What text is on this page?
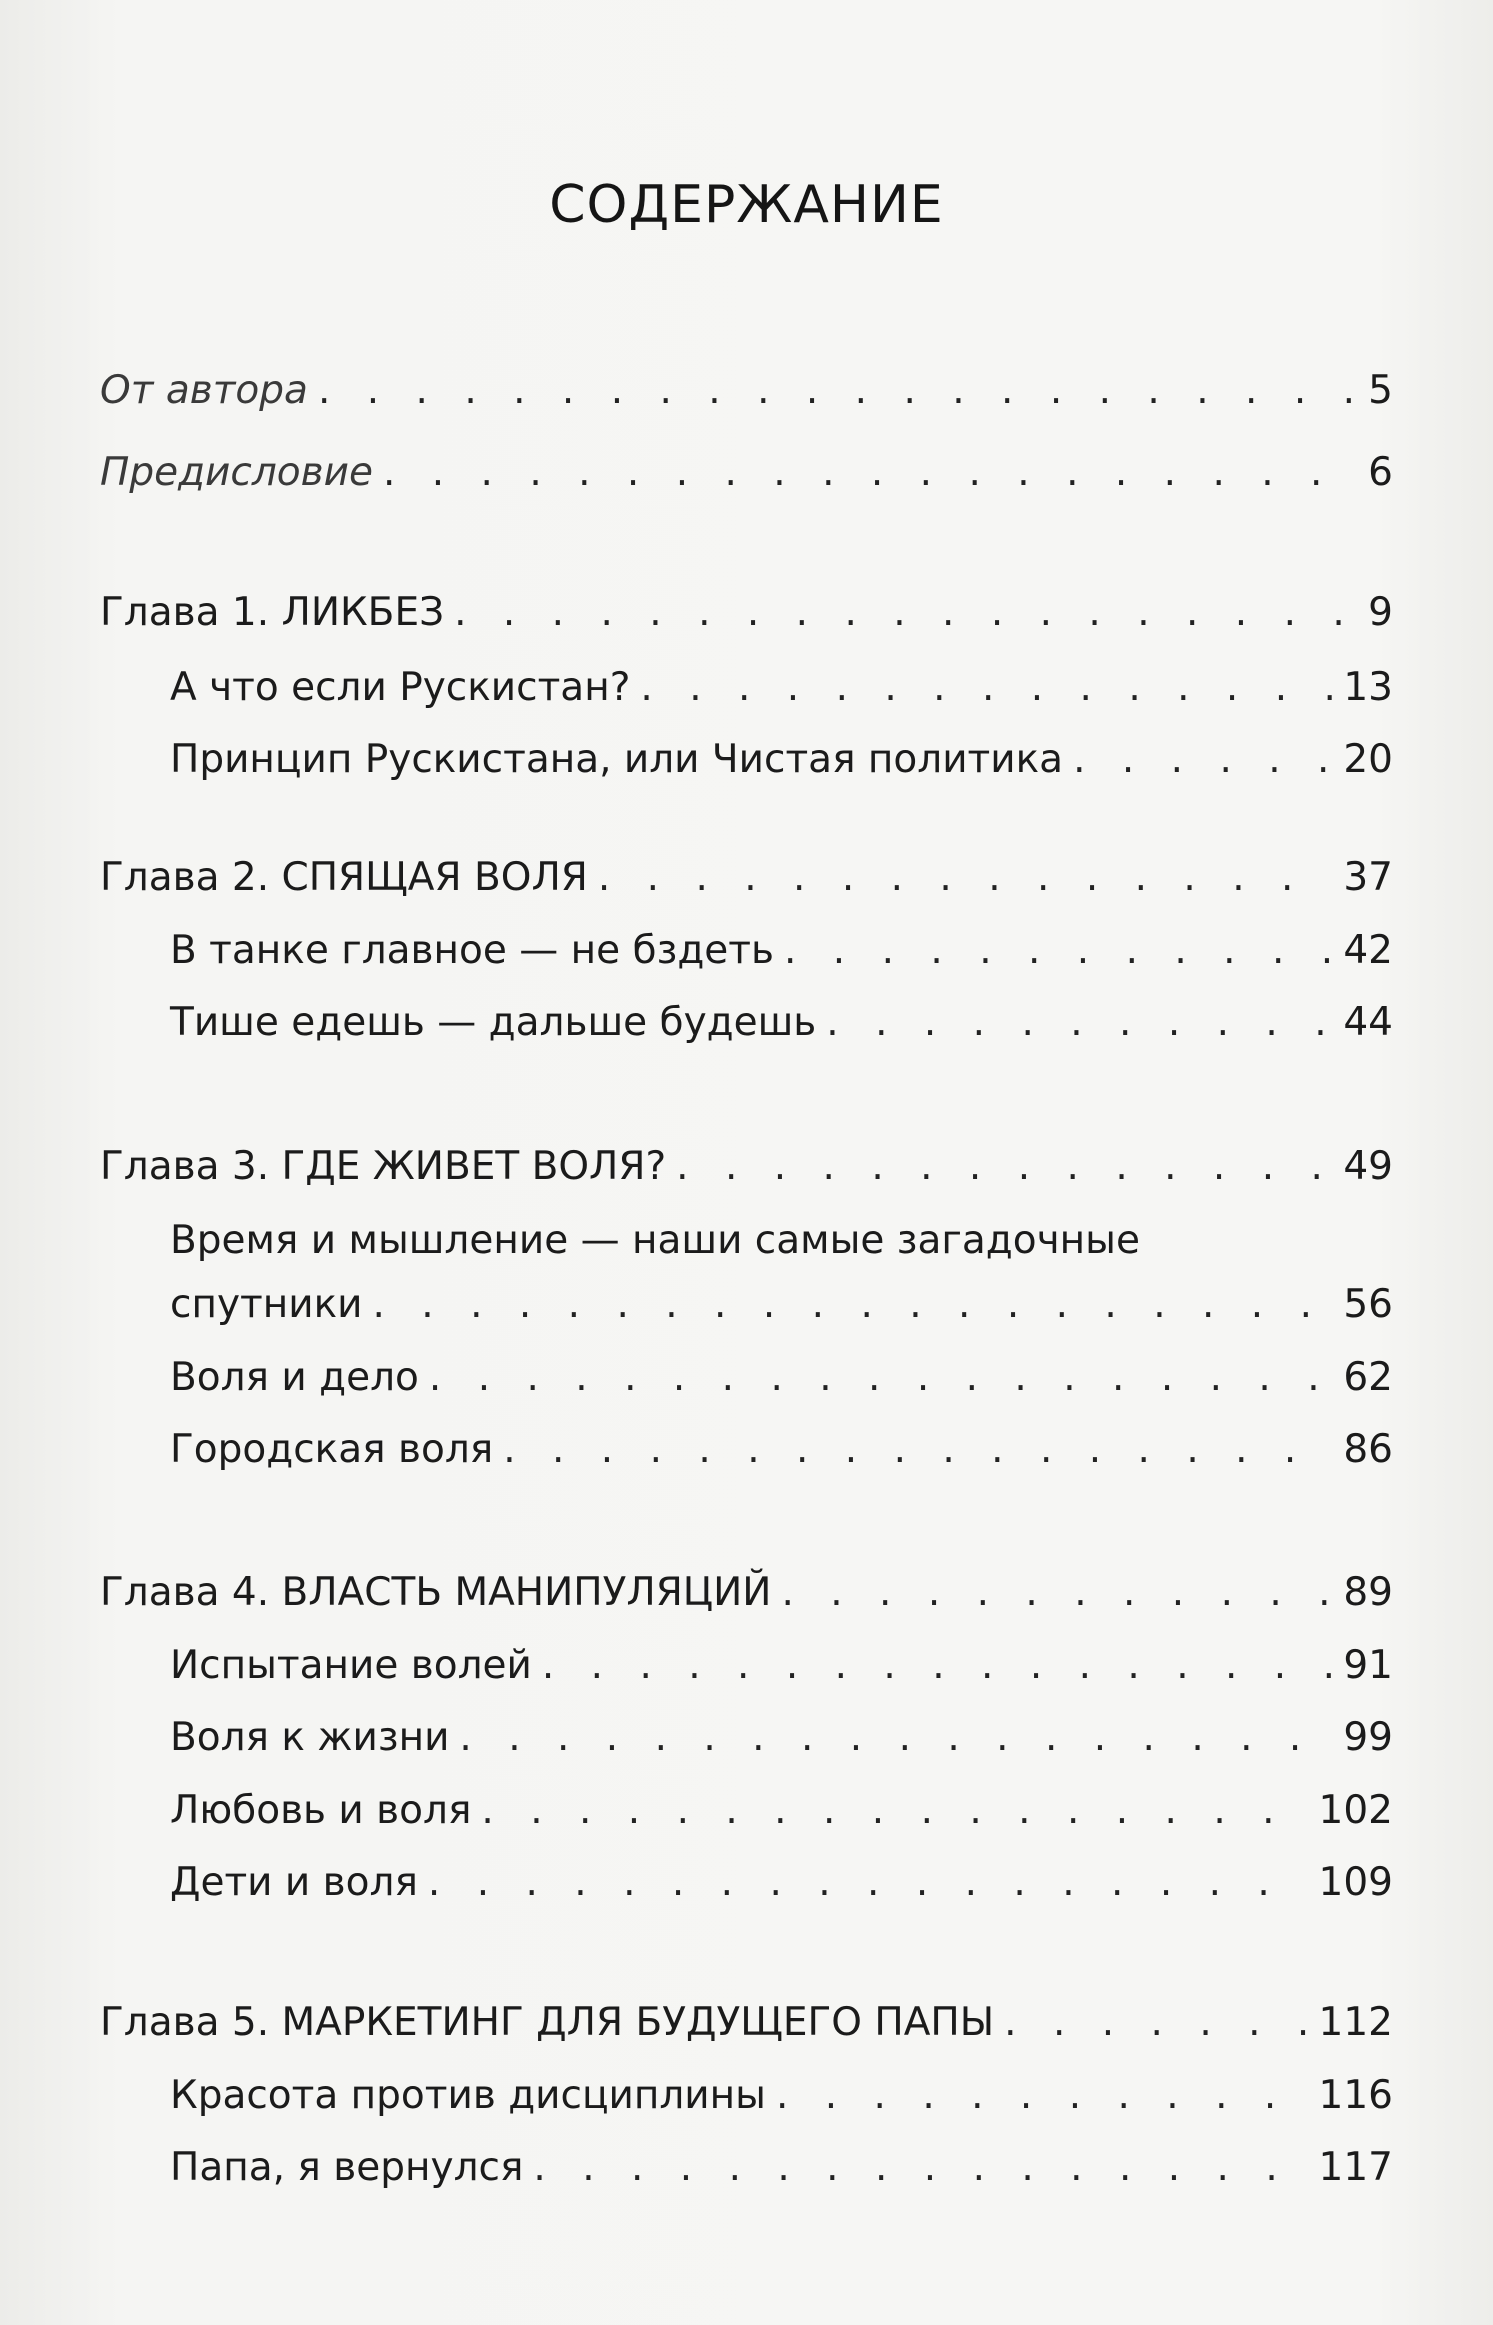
СОДЕРЖАНИЕ
От автора . . .	5
Предисловие . . .	6
Глава 1. ЛИКБЕЗ . . .	9
А что если Рускистан? . . .	13
Принцип Рускистана, или Чистая политика . . .	20
Глава 2. СПЯЩАЯ ВОЛЯ . . .	37
В танке главное — не бздеть . . .	42
Тише едешь — дальше будешь . . .	44
Глава 3. ГДЕ ЖИВЕТ ВОЛЯ? . . .	49
Время и мышление — наши самые загадочные
спутники . . .	56
Воля и дело . . .	62
Городская воля . . .	86
Глава 4. ВЛАСТЬ МАНИПУЛЯЦИЙ . . .	89
Испытание волей . . .	91
Воля к жизни . . .	99
Любовь и воля . . .	102
Дети и воля . . .	109
Глава 5. МАРКЕТИНГ ДЛЯ БУДУЩЕГО ПАПЫ . . .	112
Красота против дисциплины . . .	116
Папа, я вернулся . . .	117
